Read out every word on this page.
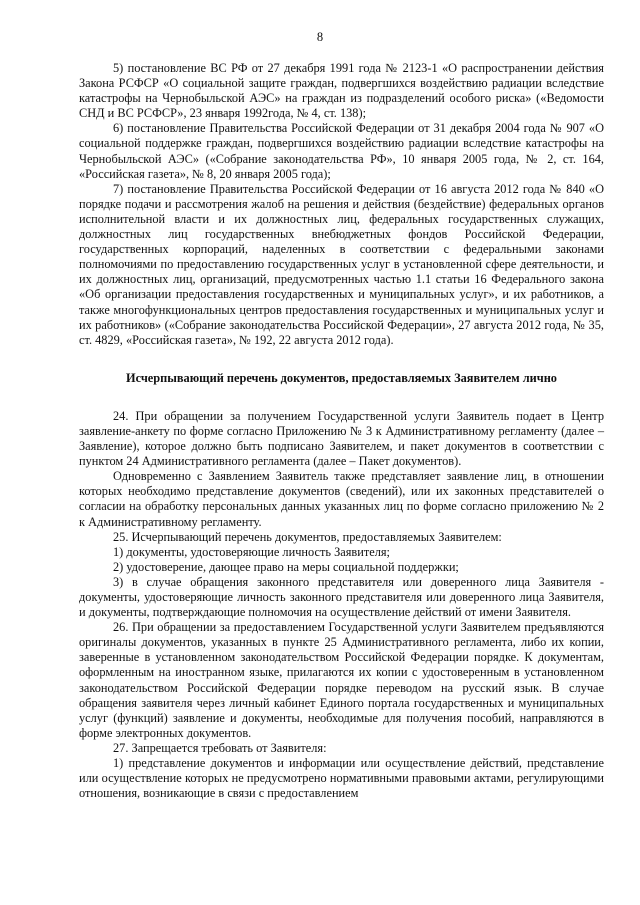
8

5) постановление ВС РФ от 27 декабря 1991 года № 2123-1 «О распространении действия Закона РСФСР «О социальной защите граждан, подвергшихся воздействию радиации вследствие катастрофы на Чернобыльской АЭС» на граждан из подразделений особого риска» («Ведомости СНД и ВС РСФСР», 23 января 1992года, № 4, ст. 138);

6) постановление Правительства Российской Федерации от 31 декабря 2004 года № 907 «О социальной поддержке граждан, подвергшихся воздействию радиации вследствие катастрофы на Чернобыльской АЭС» («Собрание законодательства РФ», 10 января 2005 года, № 2, ст. 164, «Российская газета», № 8, 20 января 2005 года);

7) постановление Правительства Российской Федерации от 16 августа 2012 года № 840 «О порядке подачи и рассмотрения жалоб на решения и действия (бездействие) федеральных органов исполнительной власти и их должностных лиц, федеральных государственных служащих, должностных лиц государственных внебюджетных фондов Российской Федерации, государственных корпораций, наделенных в соответствии с федеральными законами полномочиями по предоставлению государственных услуг в установленной сфере деятельности, и их должностных лиц, организаций, предусмотренных частью 1.1 статьи 16 Федерального закона «Об организации предоставления государственных и муниципальных услуг», и их работников, а также многофункциональных центров предоставления государственных и муниципальных услуг и их работников» («Собрание законодательства Российской Федерации», 27 августа 2012 года, № 35, ст. 4829, «Российская газета», № 192, 22 августа 2012 года).

Исчерпывающий перечень документов, предоставляемых Заявителем лично

24. При обращении за получением Государственной услуги Заявитель подает в Центр заявление-анкету по форме согласно Приложению № 3 к Административному регламенту (далее – Заявление), которое должно быть подписано Заявителем, и пакет документов в соответствии с пунктом 24 Административного регламента (далее – Пакет документов).

Одновременно с Заявлением Заявитель также представляет заявление лиц, в отношении которых необходимо представление документов (сведений), или их законных представителей о согласии на обработку персональных данных указанных лиц по форме согласно приложению № 2 к Административному регламенту.

25. Исчерпывающий перечень документов, предоставляемых Заявителем:

1) документы, удостоверяющие личность Заявителя;

2) удостоверение, дающее право на меры социальной поддержки;

3) в случае обращения законного представителя или доверенного лица Заявителя - документы, удостоверяющие личность законного представителя или доверенного лица Заявителя, и документы, подтверждающие полномочия на осуществление действий от имени Заявителя.

26. При обращении за предоставлением Государственной услуги Заявителем предъявляются оригиналы документов, указанных в пункте 25 Административного регламента, либо их копии, заверенные в установленном законодательством Российской Федерации порядке. К документам, оформленным на иностранном языке, прилагаются их копии с удостоверенным в установленном законодательством Российской Федерации порядке переводом на русский язык. В случае обращения заявителя через личный кабинет Единого портала государственных и муниципальных услуг (функций) заявление и документы, необходимые для получения пособий, направляются в форме электронных документов.

27. Запрещается требовать от Заявителя:

1) представление документов и информации или осуществление действий, представление или осуществление которых не предусмотрено нормативными правовыми актами, регулирующими отношения, возникающие в связи с предоставлением
